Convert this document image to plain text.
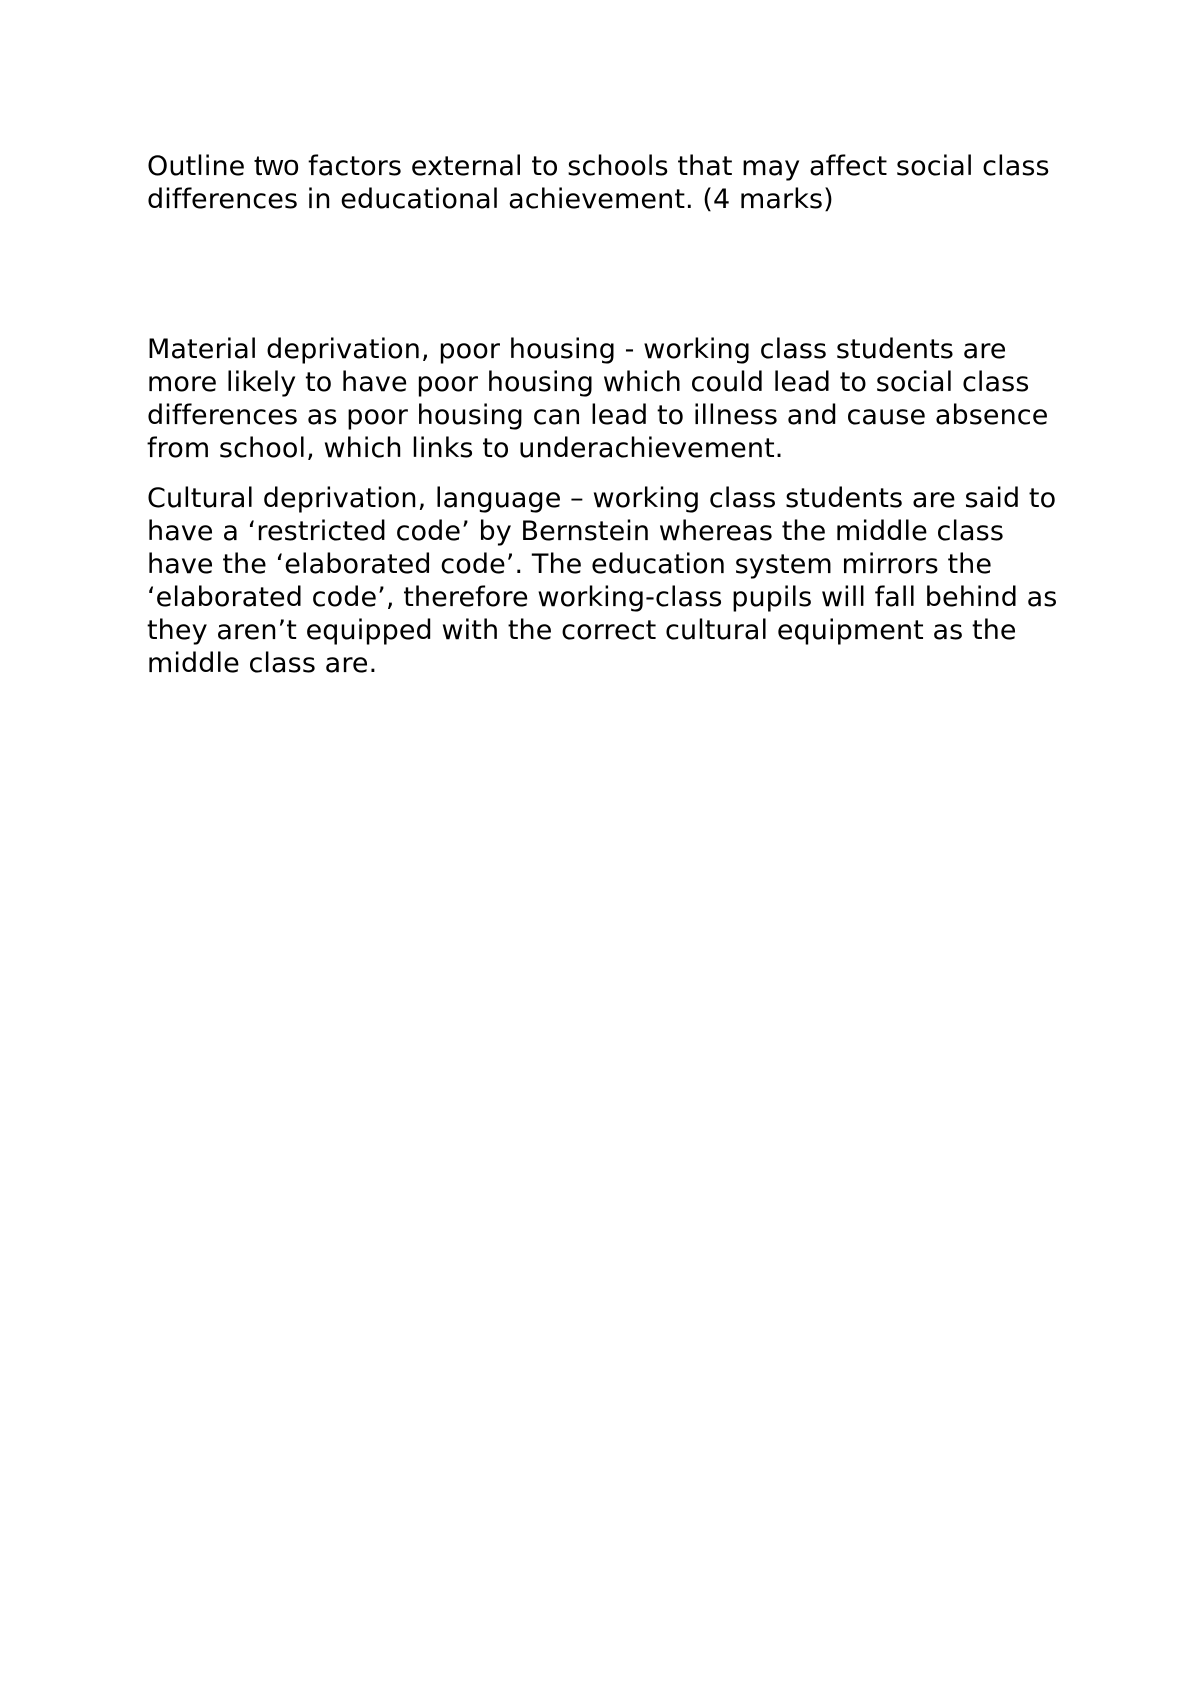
Outline two factors external to schools that may affect social class differences in educational achievement. (4 marks)

Material deprivation, poor housing - working class students are more likely to have poor housing which could lead to social class differences as poor housing can lead to illness and cause absence from school, which links to underachievement.

Cultural deprivation, language – working class students are said to have a ‘restricted code’ by Bernstein whereas the middle class have the ‘elaborated code’. The education system mirrors the ‘elaborated code’, therefore working-class pupils will fall behind as they aren’t equipped with the correct cultural equipment as the middle class are.
